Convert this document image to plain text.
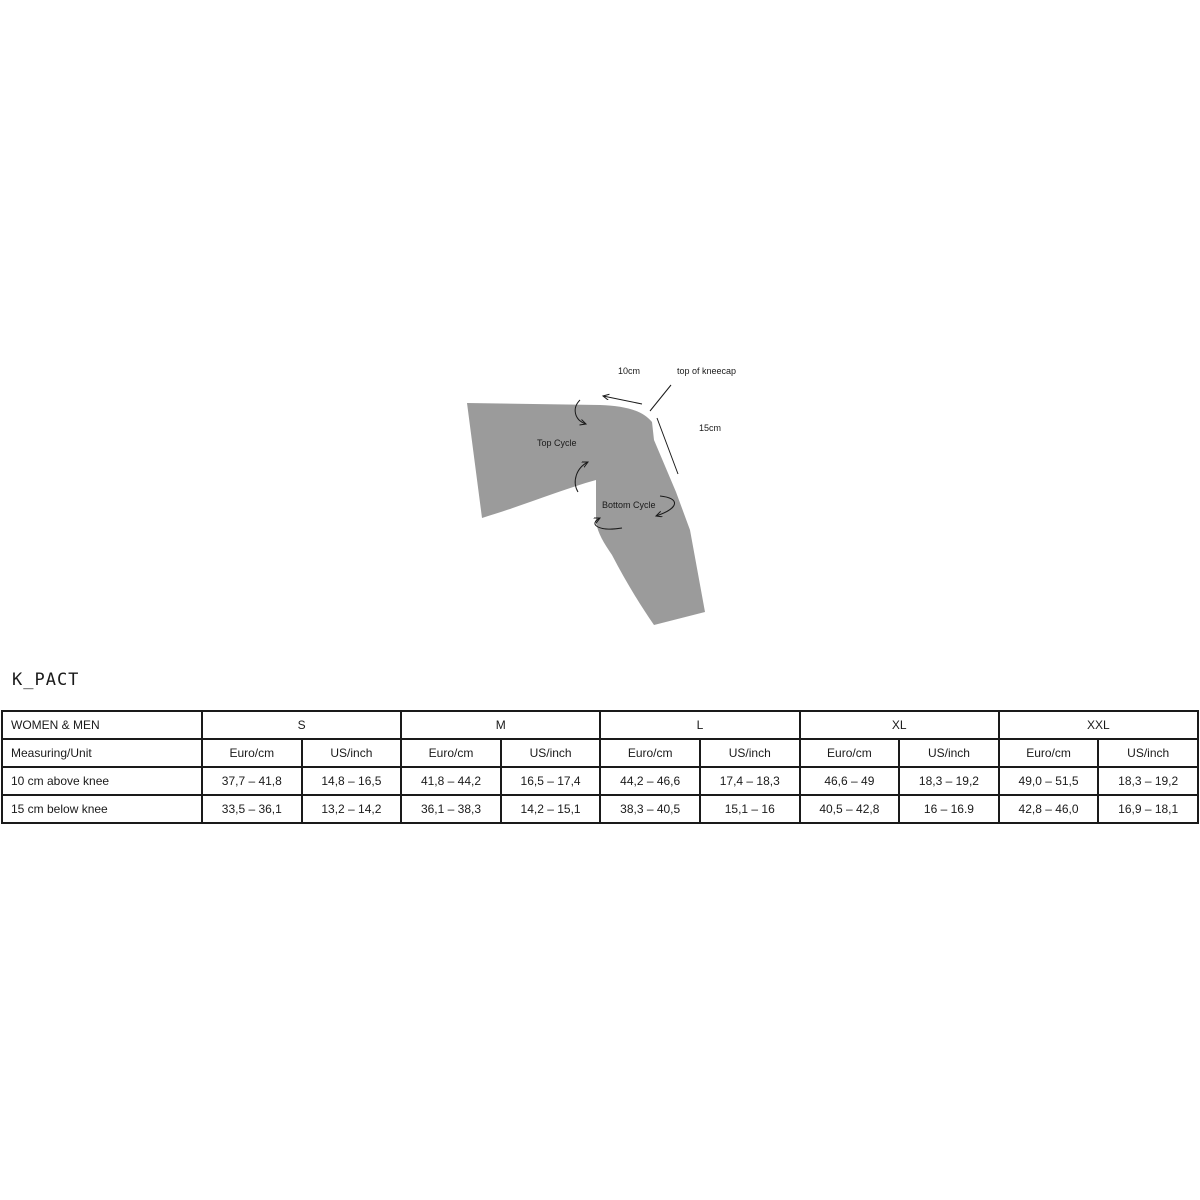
10cm	top of kneecap
15cm
Top Cycle
Bottom Cycle
K_PACT
WOMEN & MEN	S		M		L		XL		XXL	
Measuring/Unit	Euro/cm	US/inch	Euro/cm	US/inch	Euro/cm	US/inch	Euro/cm	US/inch	Euro/cm	US/inch
10 cm above knee	37,7 – 41,8	14,8 – 16,5	41,8 – 44,2	16,5 – 17,4	44,2 – 46,6	17,4 – 18,3	46,6 – 49	18,3 – 19,2	49,0 – 51,5	18,3 – 19,2
15 cm below knee	33,5 – 36,1	13,2 – 14,2	36,1 – 38,3	14,2 – 15,1	38,3 – 40,5	15,1 – 16	40,5 – 42,8	16 – 16.9	42,8 – 46,0	16,9 – 18,1
